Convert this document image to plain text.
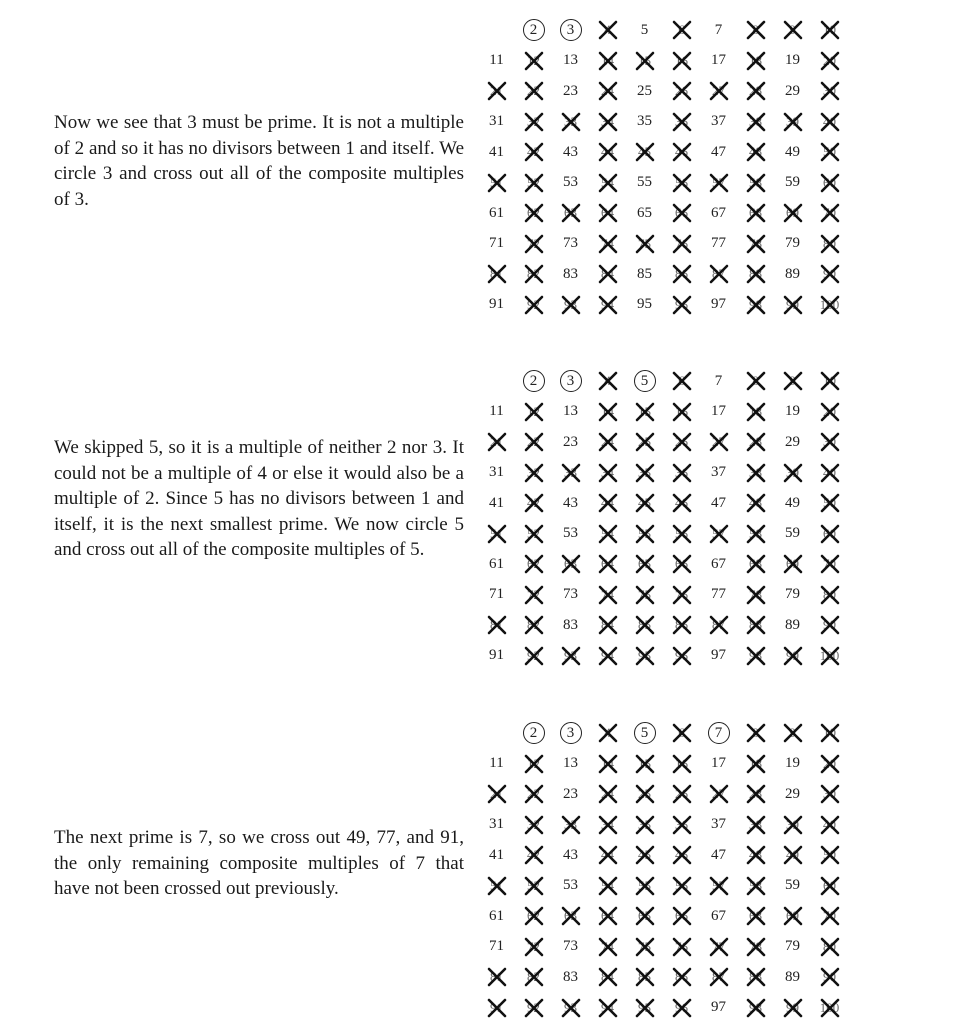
Now we see that 3 must be prime. It is not a multiple of 2 and so it has no divisors between 1 and itself. We circle 3 and cross out all of the composite multiples of 3.

We skipped 5, so it is a multiple of neither 2 nor 3. It could not be a multiple of 4 or else it would also be a multiple of 2. Since 5 has no divisors between 1 and itself, it is the next smallest prime. We now circle 5 and cross out all of the composite multiples of 5.

The next prime is 7, so we cross out 49, 77, and 91, the only remaining composite multiples of 7 that have not been crossed out previously.

2 3 4 5 6 7 8 9 10
11 12 13 14 15 16 17 18 19 20
21 22 23 24 25 26 27 28 29 30
31 32 33 34 35 36 37 38 39 40
41 42 43 44 45 46 47 48 49 50
51 52 53 54 55 56 57 58 59 60
61 62 63 64 65 66 67 68 69 70
71 72 73 74 75 76 77 78 79 80
81 82 83 84 85 86 87 88 89 90
91 92 93 94 95 96 97 98 99 100
2 3 4 5 6 7 8 9 10
11 12 13 14 15 16 17 18 19 20
21 22 23 24 25 26 27 28 29 30
31 32 33 34 35 36 37 38 39 40
41 42 43 44 45 46 47 48 49 50
51 52 53 54 55 56 57 58 59 60
61 62 63 64 65 66 67 68 69 70
71 72 73 74 75 76 77 78 79 80
81 82 83 84 85 86 87 88 89 90
91 92 93 94 95 96 97 98 99 100
2 3 4 5 6 7 8 9 10
11 12 13 14 15 16 17 18 19 20
21 22 23 24 25 26 27 28 29 30
31 32 33 34 35 36 37 38 39 40
41 42 43 44 45 46 47 48 49 50
51 52 53 54 55 56 57 58 59 60
61 62 63 64 65 66 67 68 69 70
71 72 73 74 75 76 77 78 79 80
81 82 83 84 85 86 87 88 89 90
91 92 93 94 95 96 97 98 99 100
